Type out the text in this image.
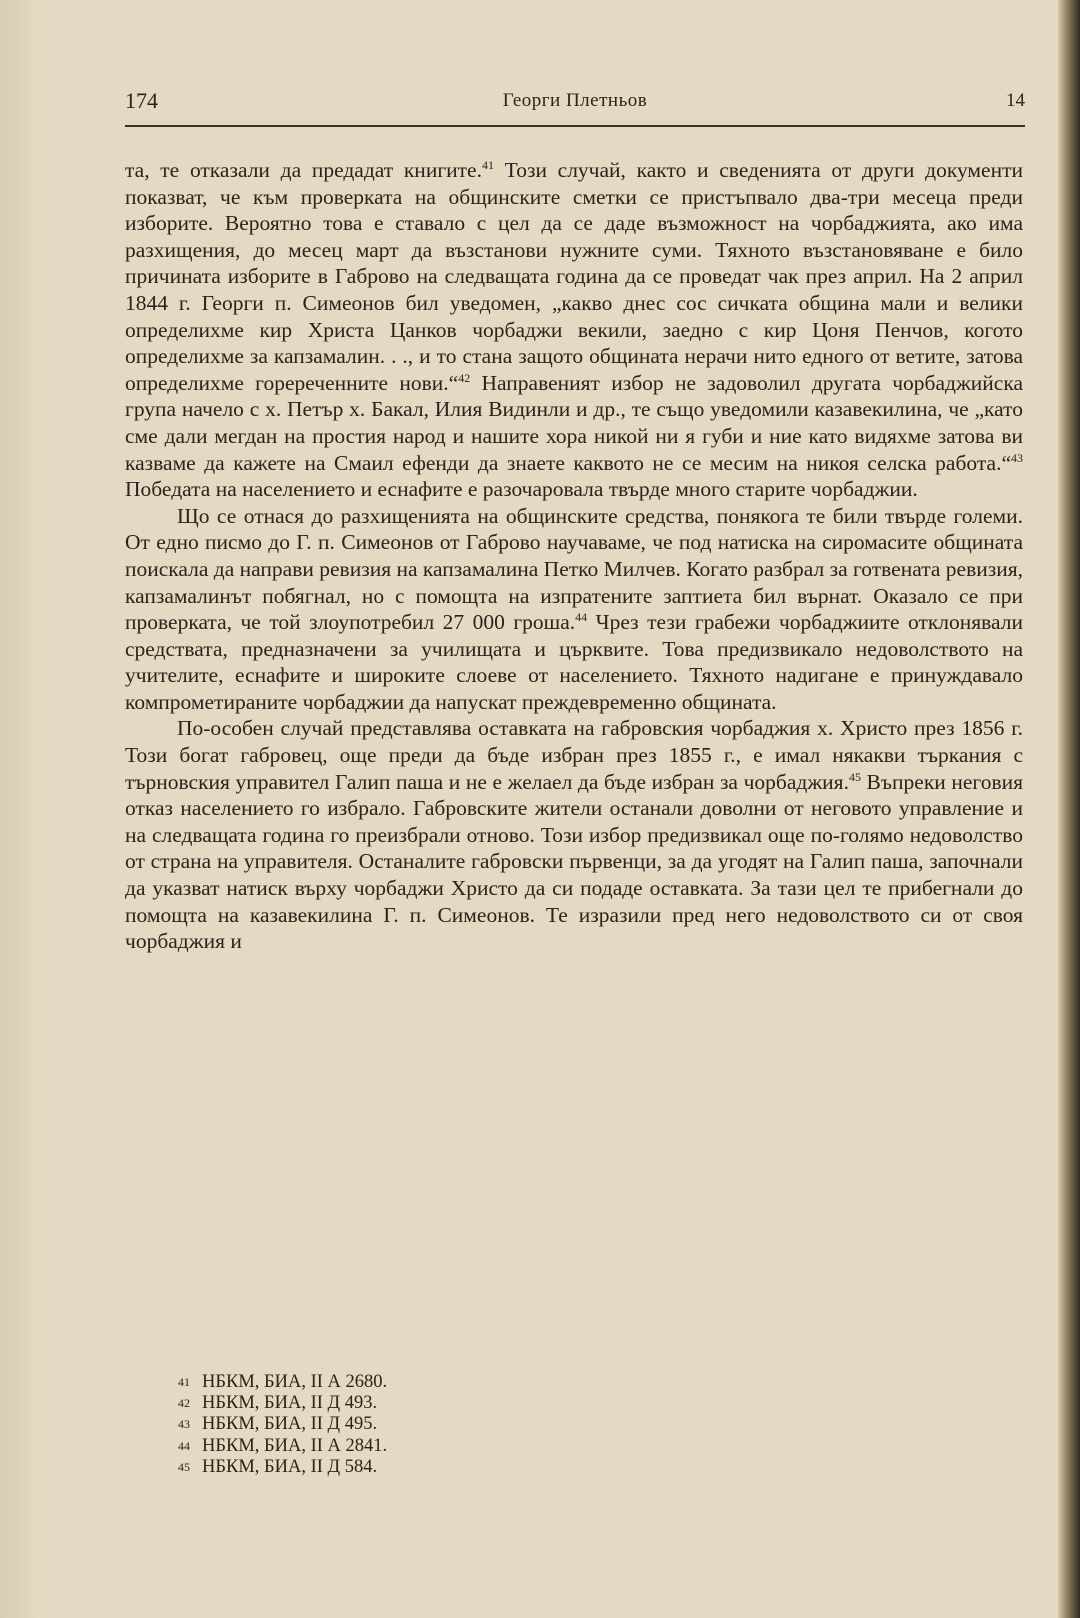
174	Георги Плетньов	14

та, те отказали да предадат книгите.$^{41}$ Този случай, както и сведенията от други документи показват, че към проверката на общинските сметки се пристъпвало два-три месеца преди изборите. Вероятно това е ставало с цел да се даде възможност на чорбаджията, ако има разхищения, до месец март да възстанови нужните суми. Тяхното възстановяване е било причината изборите в Габрово на следващата година да се проведат чак през април. На 2 април 1844 г. Георги п. Симеонов бил уведомен, „какво днес сос сичката община мали и велики определихме кир Христа Цанков чорбаджи векили, заедно с кир Цоня Пенчов, когото определихме за капзамалин. . ., и то стана защото общината нерачи нито едного от ветите, затова определихме горереченните нови.“$^{42}$ Направеният избор не задоволил другата чорбаджийска група начело с х. Петър х. Бакал, Илия Видинли и др., те също уведомили казавекилина, че „като сме дали мегдан на простия народ и нашите хора никой ни я губи и ние като видяхме затова ви казваме да кажете на Смаил ефенди да знаете каквото не се месим на никоя селска работа.“$^{43}$ Победата на населението и еснафите е разочаровала твърде много старите чорбаджии.

Що се отнася до разхищенията на общинските средства, понякога те били твърде големи. От едно писмо до Г. п. Симеонов от Габрово научаваме, че под натиска на сиромасите общината поискала да направи ревизия на капзамалина Петко Милчев. Когато разбрал за готвената ревизия, капзамалинът побягнал, но с помощта на изпратените заптиета бил върнат. Оказало се при проверката, че той злоупотребил 27 000 гроша.$^{44}$ Чрез тези грабежи чорбаджиите отклонявали средствата, предназначени за училищата и църквите. Това предизвикало недоволството на учителите, еснафите и широките слоеве от населението. Тяхното надигане е принуждавало компрометираните чорбаджии да напускат преждевременно общината.

По-особен случай представлява оставката на габровския чорбаджия х. Христо през 1856 г. Този богат габровец, още преди да бъде избран през 1855 г., е имал някакви търкания с търновския управител Галип паша и не е желаел да бъде избран за чорбаджия.$^{45}$ Въпреки неговия отказ населението го избрало. Габровските жители останали доволни от неговото управление и на следващата година го преизбрали отново. Този избор предизвикал още по-голямо недоволство от страна на управителя. Останалите габровски първенци, за да угодят на Галип паша, започнали да указват натиск върху чорбаджи Христо да си подаде оставката. За тази цел те прибегнали до помощта на казавекилина Г. п. Симеонов. Те изразили пред него недоволството си от своя чорбаджия и

41 НБКМ, БИА, II А 2680.
42 НБКМ, БИА, II Д 493.
43 НБКМ, БИА, II Д 495.
44 НБКМ, БИА, II А 2841.
45 НБКМ, БИА, II Д 584.
